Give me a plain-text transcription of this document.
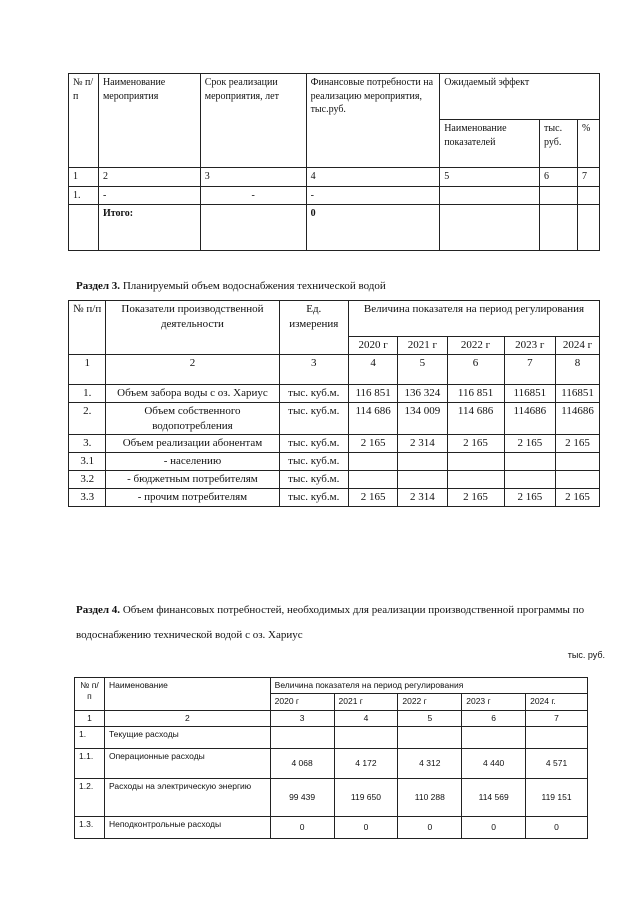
№ п/п	Наименование мероприятия	Срок реализации мероприятия, лет	Финансовые потребности на реализацию мероприятия, тыс.руб.	Ожидаемый эффект		
				Наименование показателей	тыс. руб.	%
1	2	3	4	5	6	7
1.	-	-	-			
	Итого:		0			
Раздел 3. Планируемый объем водоснабжения технической водой
№ п/п	Показатели производственной деятельности	Ед. измерения	Величина показателя на период регулирования				
			2020 г	2021 г	2022 г	2023 г	2024 г
1	2	3	4	5	6	7	8
1.	Объем забора воды с оз. Хариус	тыс. куб.м.	116 851	136 324	116 851	116851	116851
2.	Объем собственного водопотребления	тыс. куб.м.	114 686	134 009	114 686	114686	114686
3.	Объем реализации абонентам	тыс. куб.м.	2 165	2 314	2 165	2 165	2 165
3.1	- населению	тыс. куб.м.					
3.2	- бюджетным потребителям	тыс. куб.м.					
3.3	- прочим потребителям	тыс. куб.м.	2 165	2 314	2 165	2 165	2 165
Раздел 4. Объем финансовых потребностей, необходимых для реализации производственной программы по водоснабжению технической водой с оз. Хариус
тыс. руб.
№ п/п	Наименование	Величина показателя на период регулирования				
		2020 г	2021 г	2022 г	2023 г	2024 г.
1	2	3	4	5	6	7
1.	Текущие расходы					
1.1.	Операционные расходы	4 068	4 172	4 312	4 440	4 571
1.2.	Расходы на электрическую энергию	99 439	119 650	110 288	114 569	119 151
1.3.	Неподконтрольные расходы	0	0	0	0	0
